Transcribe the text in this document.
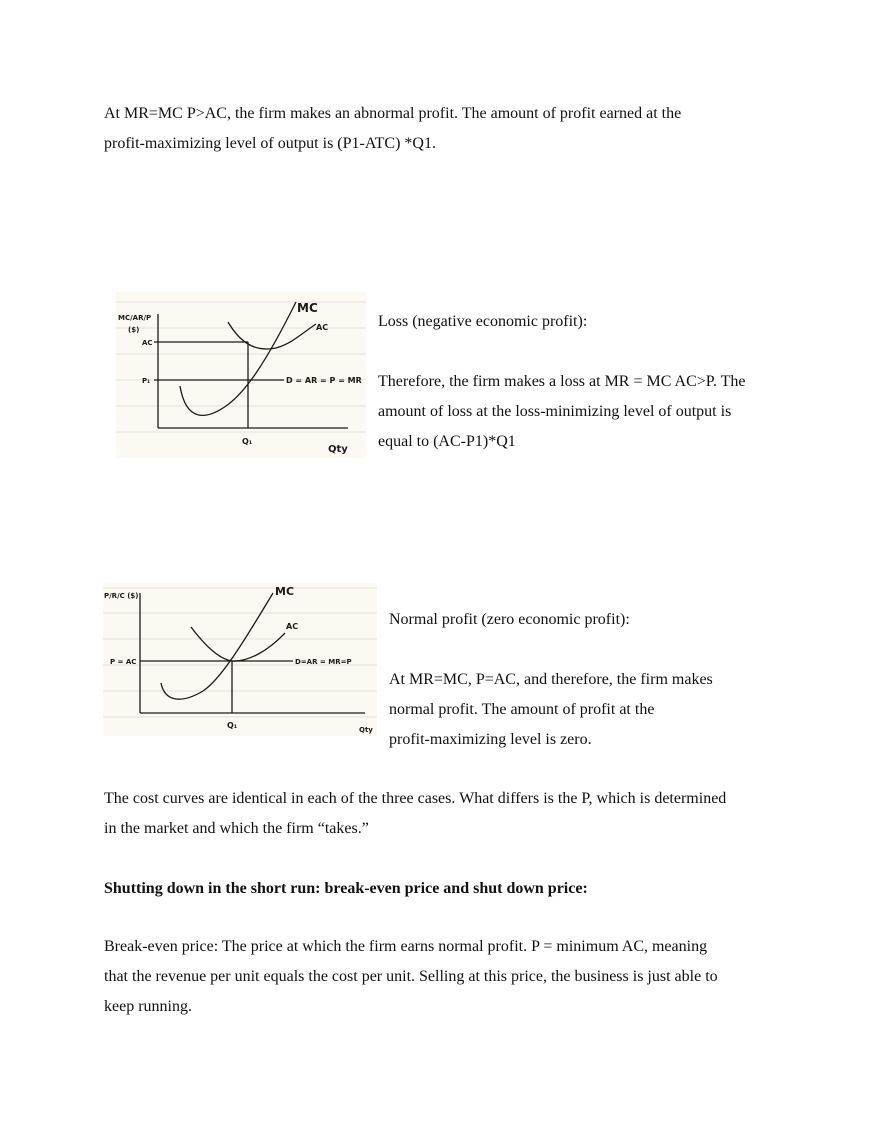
At MR=MC P>AC, the firm makes an abnormal profit. The amount of profit earned at the

profit-maximizing level of output is (P1-ATC) *Q1.

MC/AR/P
($)
AC
P₁
Q₁
Qty
MC
AC
D = AR = P = MR

Loss (negative economic profit):

Therefore, the firm makes a loss at MR = MC AC>P. The

amount of loss at the loss-minimizing level of output is

equal to (AC-P1)*Q1

P/R/C ($)
P = AC
Q₁	Qty
MC
AC
D=AR = MR=P

Normal profit (zero economic profit):

At MR=MC, P=AC, and therefore, the firm makes

normal profit. The amount of profit at the

profit-maximizing level is zero.

The cost curves are identical in each of the three cases. What differs is the P, which is determined

in the market and which the firm “takes.”

Shutting down in the short run: break-even price and shut down price:

Break-even price: The price at which the firm earns normal profit. P = minimum AC, meaning

that the revenue per unit equals the cost per unit. Selling at this price, the business is just able to

keep running.
